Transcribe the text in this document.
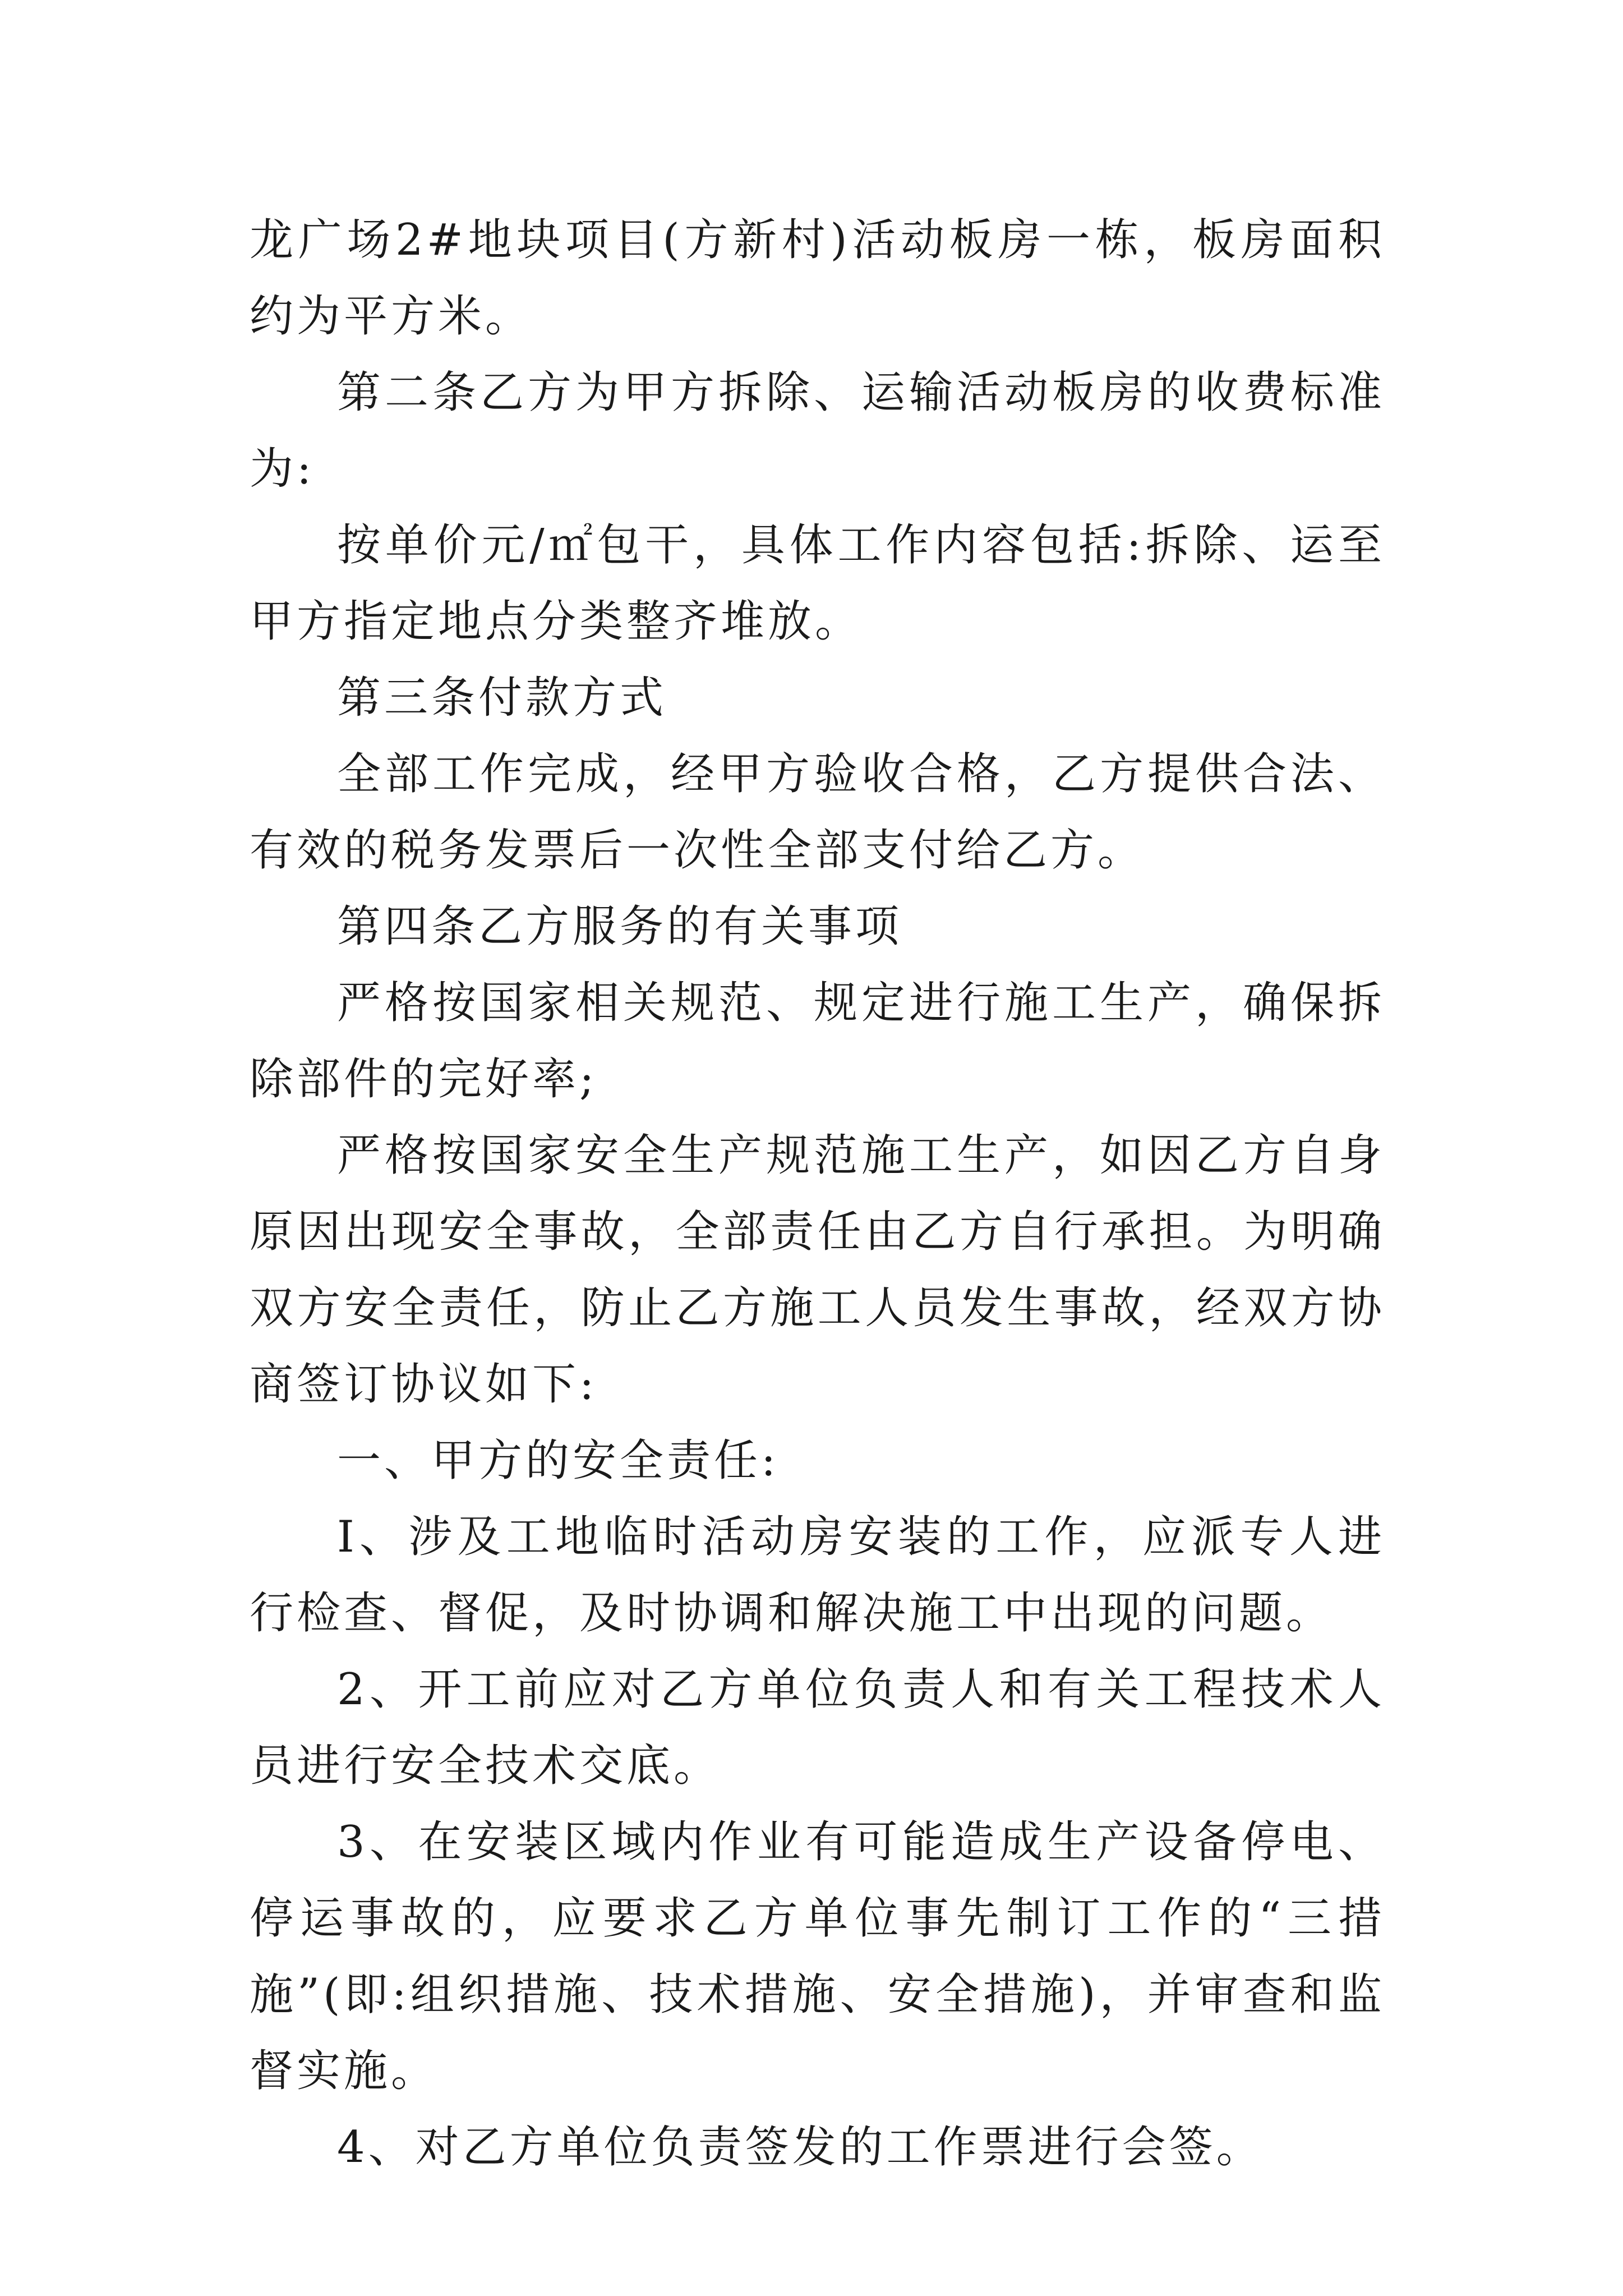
龙广场2#地块项目(方新村)活动板房一栋，板房面积约为平方米。

第二条乙方为甲方拆除、运输活动板房的收费标准为:

按单价元/㎡包干，具体工作内容包括:拆除、运至甲方指定地点分类整齐堆放。

第三条付款方式

全部工作完成，经甲方验收合格，乙方提供合法、有效的税务发票后一次性全部支付给乙方。

第四条乙方服务的有关事项

严格按国家相关规范、规定进行施工生产，确保拆除部件的完好率;

严格按国家安全生产规范施工生产，如因乙方自身原因出现安全事故，全部责任由乙方自行承担。为明确双方安全责任，防止乙方施工人员发生事故，经双方协商签订协议如下:

一、甲方的安全责任:

I、涉及工地临时活动房安装的工作，应派专人进行检查、督促，及时协调和解决施工中出现的问题。

2、开工前应对乙方单位负责人和有关工程技术人员进行安全技术交底。

3、在安装区域内作业有可能造成生产设备停电、停运事故的，应要求乙方单位事先制订工作的“三措施”(即:组织措施、技术措施、安全措施)，并审查和监督实施。

4、对乙方单位负责签发的工作票进行会签。
